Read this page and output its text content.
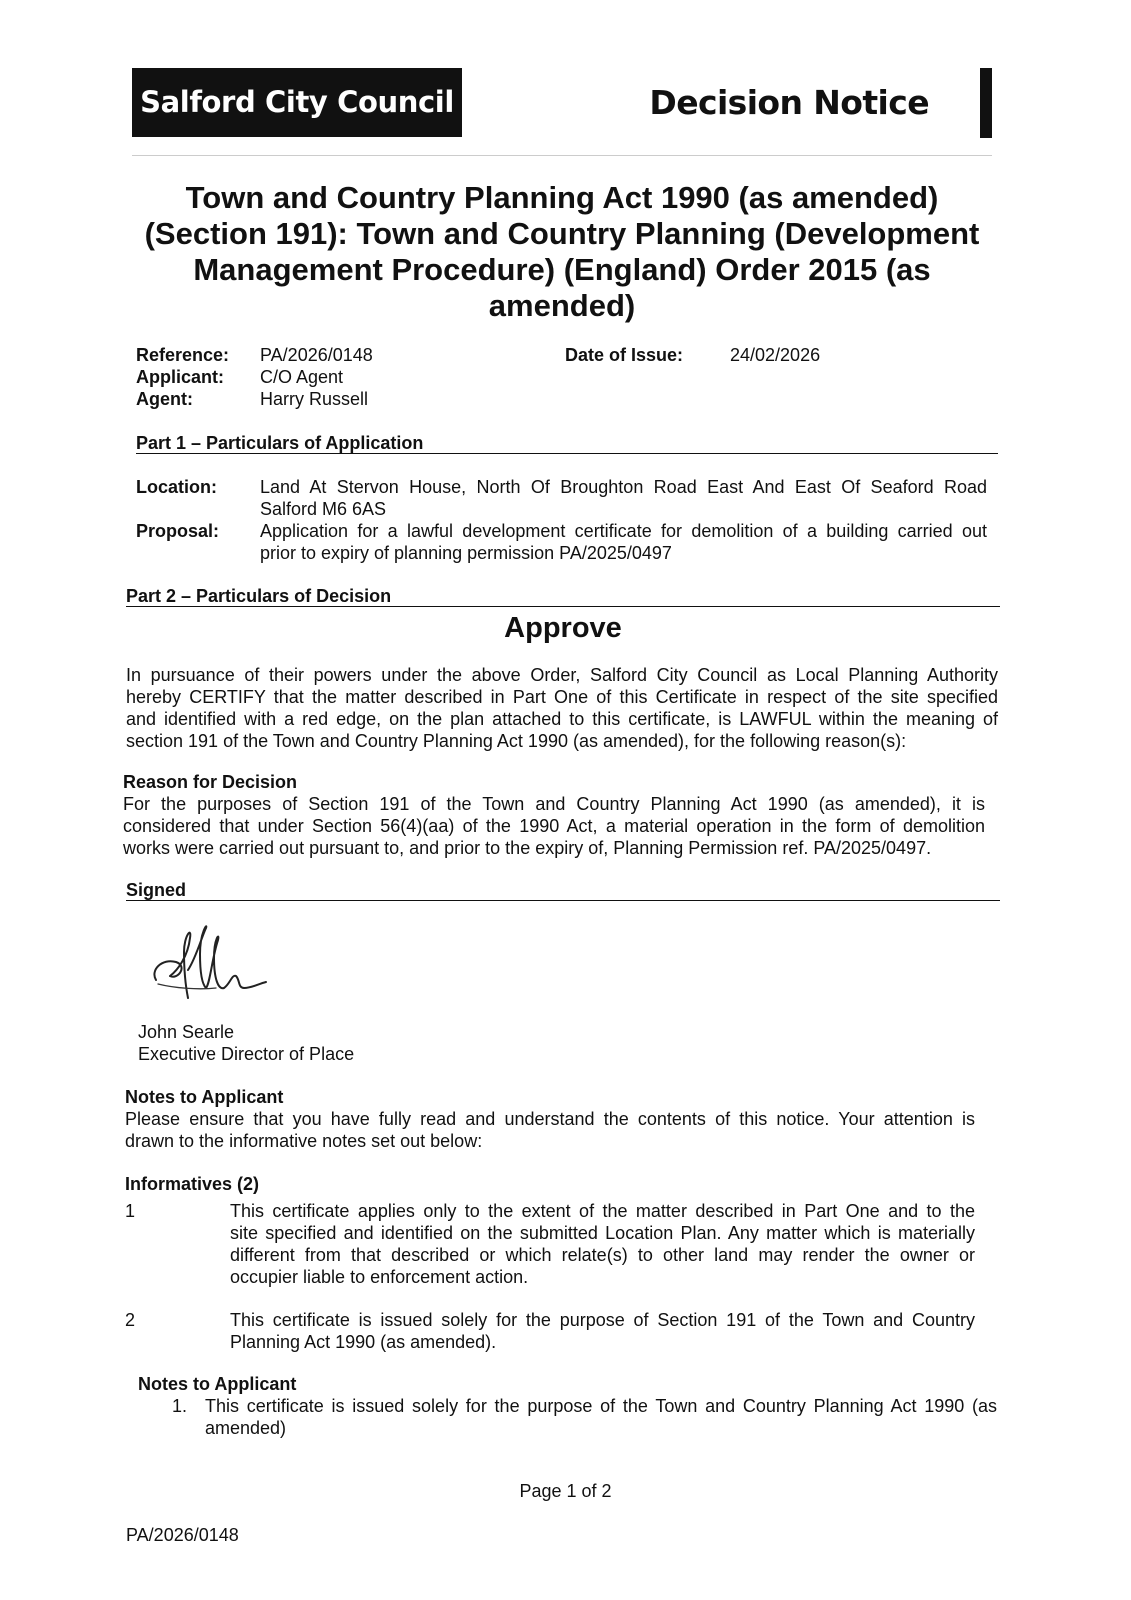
Salford City Council	Decision Notice
Town and Country Planning Act 1990 (as amended)
(Section 191): Town and Country Planning (Development
Management Procedure) (England) Order 2015 (as
amended)
Reference: PA/2026/0148	Date of Issue:	24/02/2026
Applicant: C/O Agent
Agent:	Harry Russell
Part 1 – Particulars of Application
Location: Land At Stervon House, North Of Broughton Road East And East Of Seaford Road
Salford M6 6AS
Proposal: Application for a lawful development certificate for demolition of a building carried out
prior to expiry of planning permission PA/2025/0497
Part 2 – Particulars of Decision
Approve
In pursuance of their powers under the above Order, Salford City Council as Local Planning Authority
hereby CERTIFY that the matter described in Part One of this Certificate in respect of the site specified
and identified with a red edge, on the plan attached to this certificate, is LAWFUL within the meaning of
section 191 of the Town and Country Planning Act 1990 (as amended), for the following reason(s):
Reason for Decision
For the purposes of Section 191 of the Town and Country Planning Act 1990 (as amended), it is
considered that under Section 56(4)(aa) of the 1990 Act, a material operation in the form of demolition
works were carried out pursuant to, and prior to the expiry of, Planning Permission ref. PA/2025/0497.
Signed
John Searle
Executive Director of Place
Notes to Applicant
Please ensure that you have fully read and understand the contents of this notice. Your attention is
drawn to the informative notes set out below:
Informatives (2)
1	This certificate applies only to the extent of the matter described in Part One and to the
site specified and identified on the submitted Location Plan. Any matter which is materially
different from that described or which relate(s) to other land may render the owner or
occupier liable to enforcement action.
2	This certificate is issued solely for the purpose of Section 191 of the Town and Country
Planning Act 1990 (as amended).
Notes to Applicant
1. This certificate is issued solely for the purpose of the Town and Country Planning Act 1990 (as
amended)
Page 1 of 2
PA/2026/0148
